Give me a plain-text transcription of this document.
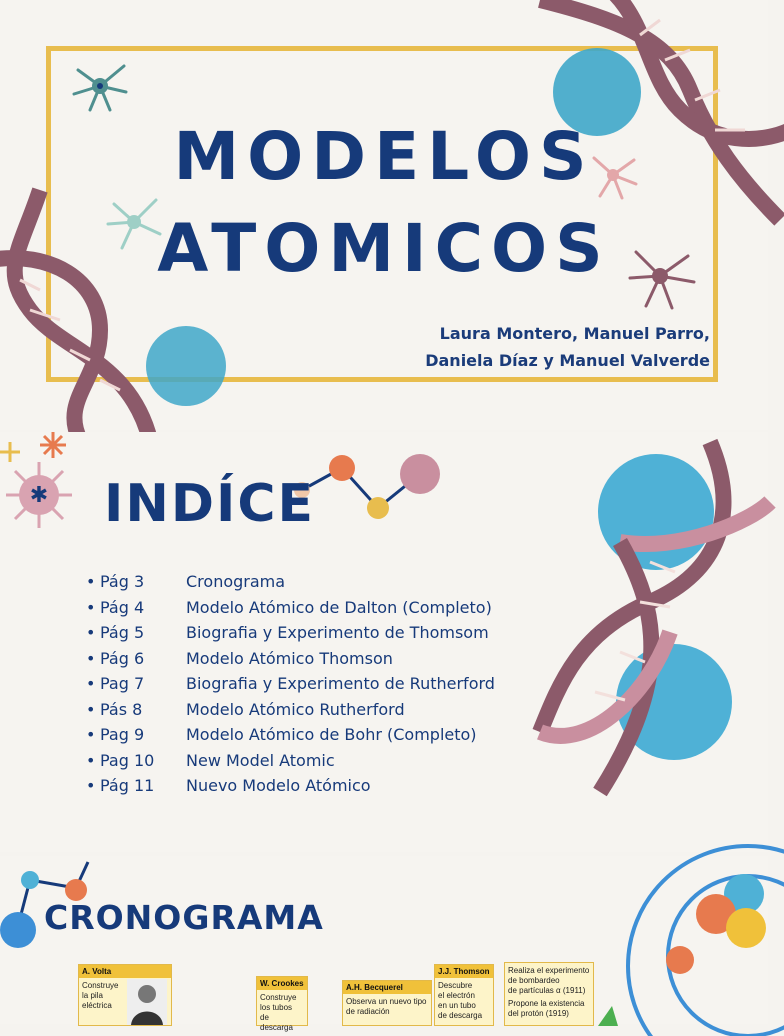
MODELOS
ATOMICOS
Laura Montero, Manuel Parro,
Daniela Díaz y Manuel Valverde
✱ INDÍCE
• Pág 3	Cronograma
• Pág 4	Modelo Atómico de Dalton (Completo)
• Pág 5	Biografia y Experimento de Thomsom
• Pág 6	Modelo Atómico Thomson
• Pag 7	Biografia y Experimento de Rutherford
• Pás 8	Modelo Atómico Rutherford
• Pag 9	Modelo Atómico de Bohr (Completo)
• Pag 10 New Model Atomic
• Pág 11 Nuevo Modelo Atómico
CRONOGRAMA
A. Volta
Construye
la pila
eléctrica
W. Crookes
Construye
los tubos
de descarga
A.H. Becquerel
Observa un nuevo tipo
de radiación
J.J. Thomson
Descubre
el electrón
en un tubo
de descarga
Realiza el experimento
de bombardeo
de partículas α (1911)
Propone la existencia
del protón (1919)
